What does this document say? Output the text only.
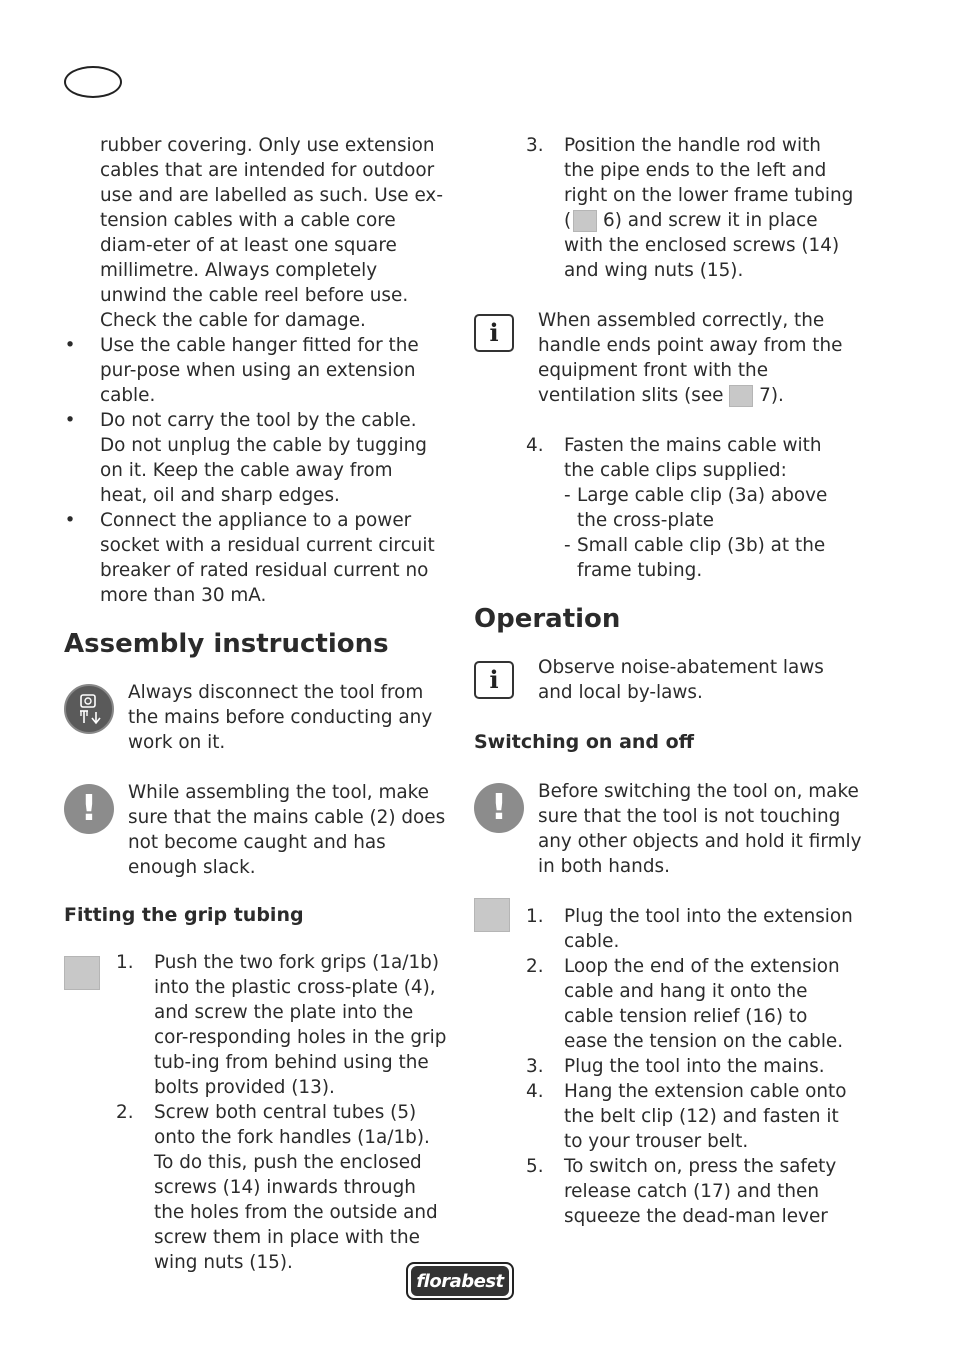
rubber covering. Only use extension cables that are intended for outdoor use and are labelled as such. Use ex-tension cables with a cable core diam-eter of at least one square millimetre. Always completely unwind the cable reel before use. Check the cable for damage.

• Use the cable hanger fitted for the pur-pose when using an extension cable.
• Do not carry the tool by the cable. Do not unplug the cable by tugging on it. Keep the cable away from heat, oil and sharp edges.
• Connect the appliance to a power socket with a residual current circuit breaker of rated residual current no more than 30 mA.
Assembly instructions

Always disconnect the tool from the mains before conducting any work on it.

! While assembling the tool, make sure that the mains cable (2) does not become caught and has enough slack.

Fitting the grip tubing
1. Push the two fork grips (1a/1b) into the plastic cross-plate (4), and screw the plate into the cor-responding holes in the grip tub-ing from behind using the bolts provided (13).
2. Screw both central tubes (5) onto the fork handles (1a/1b). To do this, push the enclosed screws (14) inwards through the holes from the outside and screw them in place with the wing nuts (15).
3. Position the handle rod with the pipe ends to the left and right on the lower frame tubing ( 6) and screw it in place with the enclosed screws (14) and wing nuts (15).
i When assembled correctly, the handle ends point away from the equipment front with the ventilation slits (see 7).

4. Fasten the mains cable with the cable clips supplied:
- Large cable clip (3a) above the cross-plate
- Small cable clip (3b) at the frame tubing.
Operation
i Observe noise-abatement laws and local by-laws.

Switching on and off
! Before switching the tool on, make sure that the tool is not touching any other objects and hold it firmly in both hands.

1. Plug the tool into the extension cable.
2. Loop the end of the extension cable and hang it onto the cable tension relief (16) to ease the tension on the cable.
3. Plug the tool into the mains.
4. Hang the extension cable onto the belt clip (12) and fasten it to your trouser belt.
5. To switch on, press the safety release catch (17) and then squeeze the dead-man lever
florabest
